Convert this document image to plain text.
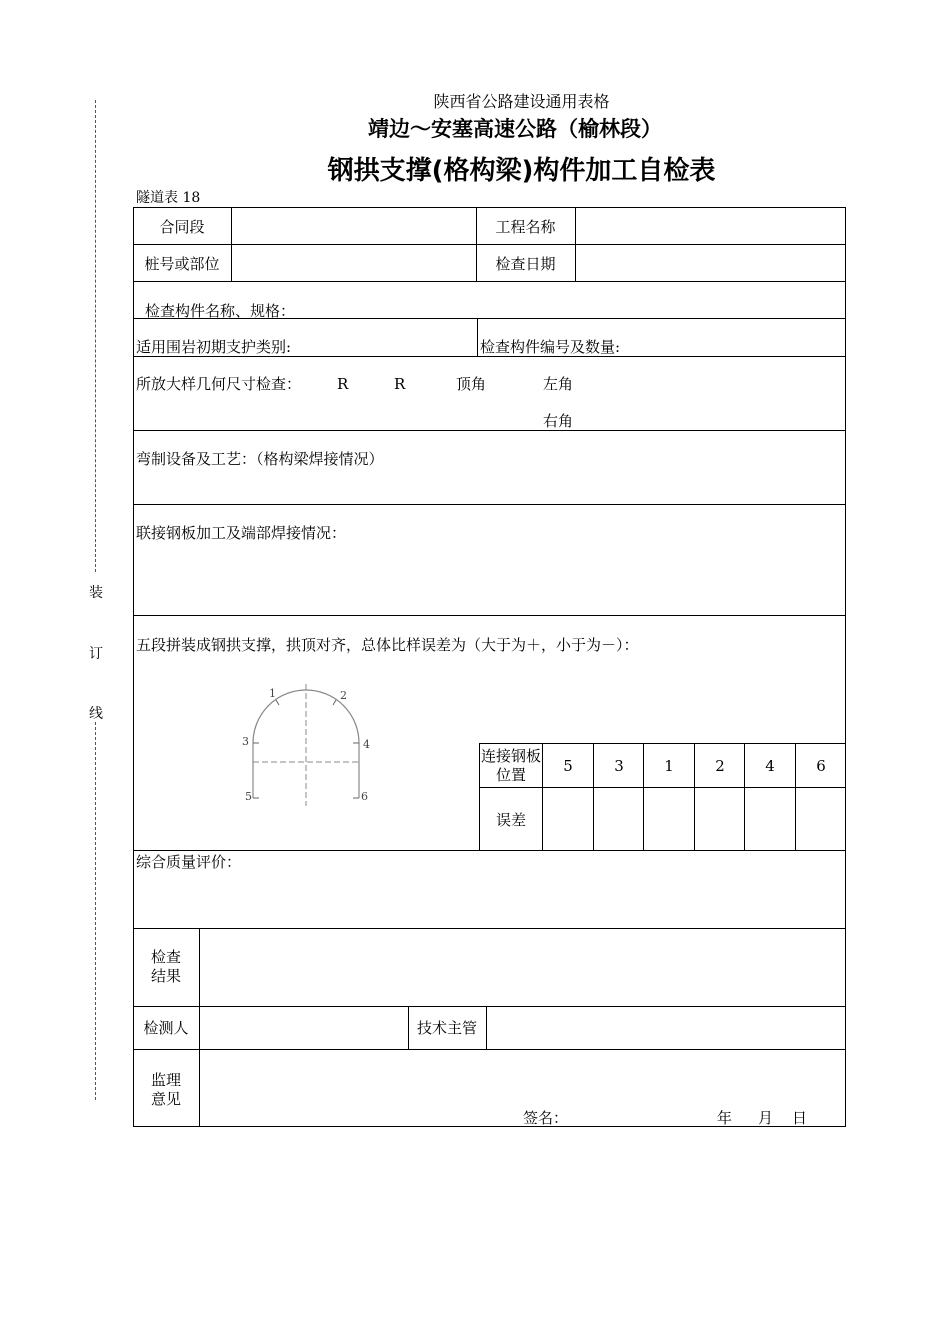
装
订
线
陕西省公路建设通用表格
靖边～安塞高速公路（榆林段）
钢拱支撑(格构梁)构件加工自检表
隧道表 18
合同段	工程名称
桩号或部位	检查日期
检查构件名称、规格：
适用围岩初期支护类别:	检查构件编号及数量:
所放大样几何尺寸检查： R	R	顶角	左角
右角
弯制设备及工艺：（格构梁焊接情况）
联接钢板加工及端部焊接情况：
五段拼装成钢拱支撑，拱顶对齐，总体比样误差为（大于为＋，小于为－）：
1	2
3	4
5	6
连接钢板位置	5	3	1	2	4	6
误差
综合质量评价：
检查结果
检测人	技术主管
监理意见
签名：	年 月 日
